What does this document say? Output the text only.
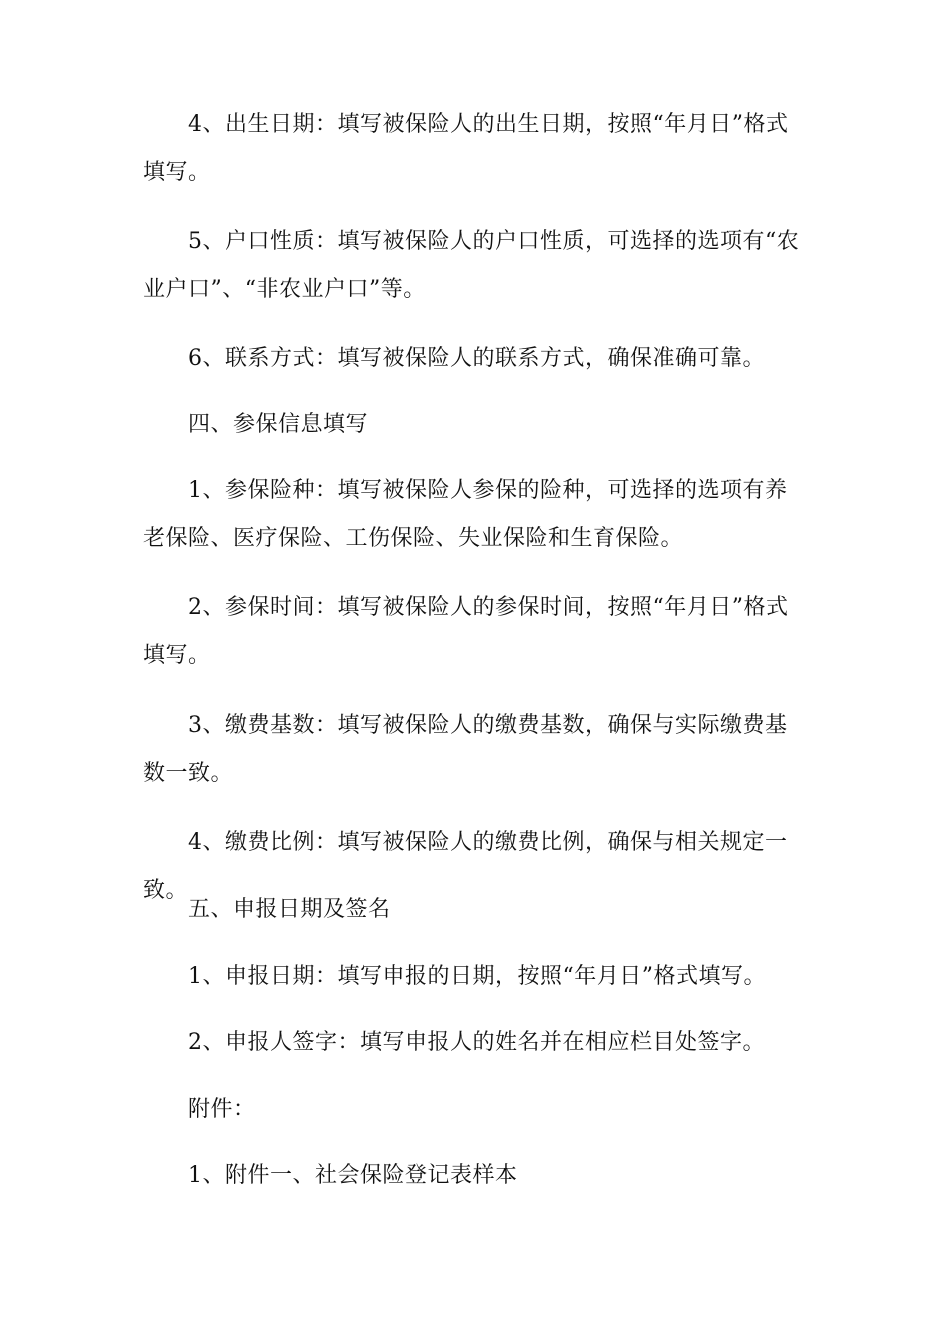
4、出生日期：填写被保险人的出生日期，按照“年月日”格式填写。

5、户口性质：填写被保险人的户口性质，可选择的选项有“农业户口”、“非农业户口”等。

6、联系方式：填写被保险人的联系方式，确保准确可靠。

四、参保信息填写

1、参保险种：填写被保险人参保的险种，可选择的选项有养老保险、医疗保险、工伤保险、失业保险和生育保险。

2、参保时间：填写被保险人的参保时间，按照“年月日”格式填写。

3、缴费基数：填写被保险人的缴费基数，确保与实际缴费基数一致。

4、缴费比例：填写被保险人的缴费比例，确保与相关规定一致。

五、申报日期及签名

1、申报日期：填写申报的日期，按照“年月日”格式填写。

2、申报人签字：填写申报人的姓名并在相应栏目处签字。

附件：

1、附件一、社会保险登记表样本
